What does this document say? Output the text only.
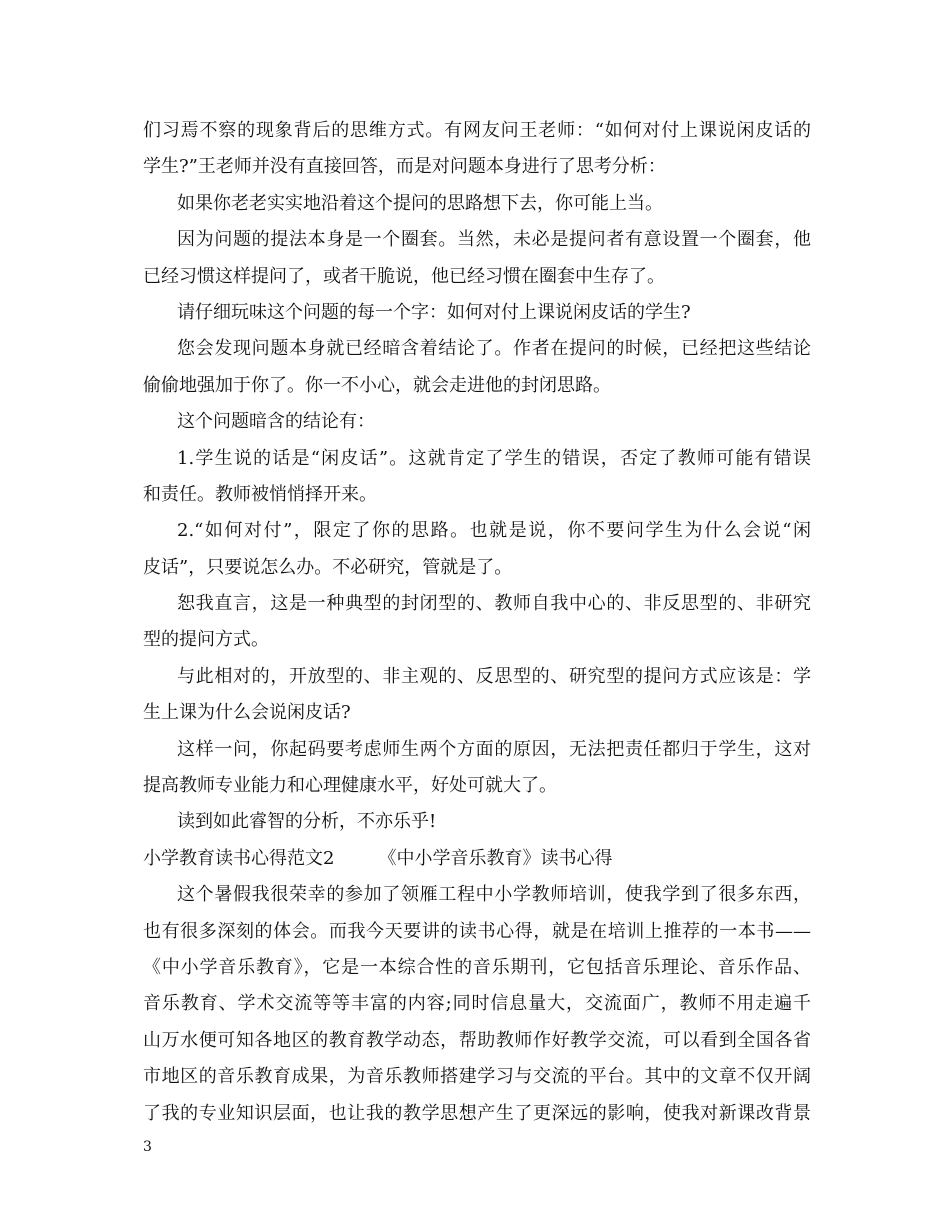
们习焉不察的现象背后的思维方式。有网友问王老师：“如何对付上课说闲皮话的
学生?”王老师并没有直接回答，而是对问题本身进行了思考分析：
如果你老老实实地沿着这个提问的思路想下去，你可能上当。
因为问题的提法本身是一个圈套。当然，未必是提问者有意设置一个圈套，他
已经习惯这样提问了，或者干脆说，他已经习惯在圈套中生存了。
请仔细玩味这个问题的每一个字：如何对付上课说闲皮话的学生?
您会发现问题本身就已经暗含着结论了。作者在提问的时候，已经把这些结论
偷偷地强加于你了。你一不小心，就会走进他的封闭思路。
这个问题暗含的结论有：
1.学生说的话是“闲皮话”。这就肯定了学生的错误，否定了教师可能有错误
和责任。教师被悄悄择开来。
2.“如何对付”，限定了你的思路。也就是说，你不要问学生为什么会说“闲
皮话”，只要说怎么办。不必研究，管就是了。
恕我直言，这是一种典型的封闭型的、教师自我中心的、非反思型的、非研究
型的提问方式。
与此相对的，开放型的、非主观的、反思型的、研究型的提问方式应该是：学
生上课为什么会说闲皮话?
这样一问，你起码要考虑师生两个方面的原因，无法把责任都归于学生，这对
提高教师专业能力和心理健康水平，好处可就大了。
读到如此睿智的分析，不亦乐乎!
小学教育读书心得范文2 《中小学音乐教育》读书心得
这个暑假我很荣幸的参加了领雁工程中小学教师培训，使我学到了很多东西，
也有很多深刻的体会。而我今天要讲的读书心得，就是在培训上推荐的一本书——
《中小学音乐教育》，它是一本综合性的音乐期刊，它包括音乐理论、音乐作品、
音乐教育、学术交流等等丰富的内容;同时信息量大，交流面广，教师不用走遍千
山万水便可知各地区的教育教学动态，帮助教师作好教学交流，可以看到全国各省
市地区的音乐教育成果，为音乐教师搭建学习与交流的平台。其中的文章不仅开阔
了我的专业知识层面，也让我的教学思想产生了更深远的影响，使我对新课改背景
3
